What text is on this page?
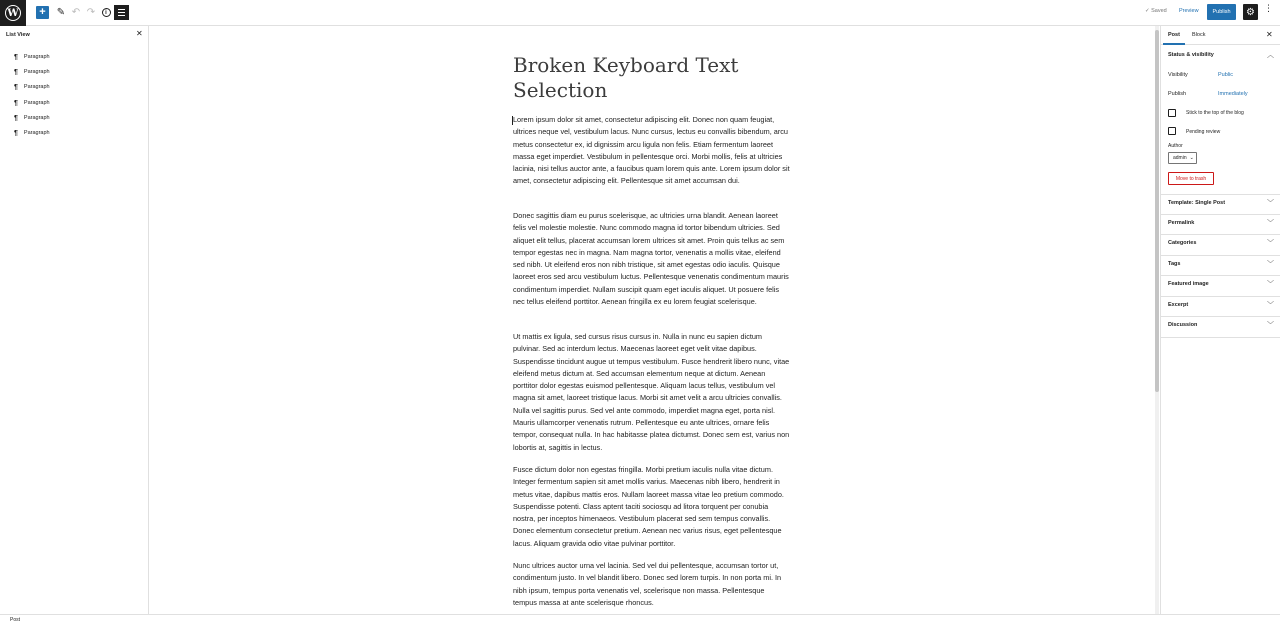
W +	✎ ↶ ↷	i	✓ Saved Preview	Publish	⚙	⋮
List View	✕
¶ Paragraph
¶ Paragraph
¶ Paragraph
¶ Paragraph
¶ Paragraph
¶ Paragraph
Broken Keyboard Text Selection

Lorem ipsum dolor sit amet, consectetur adipiscing elit. Donec non quam feugiat, ultrices neque vel, vestibulum lacus. Nunc cursus, lectus eu convallis bibendum, arcu metus consectetur ex, id dignissim arcu ligula non felis. Etiam fermentum laoreet massa eget imperdiet. Vestibulum in pellentesque orci. Morbi mollis, felis at ultricies lacinia, nisi tellus auctor ante, a faucibus quam lorem quis ante. Lorem ipsum dolor sit amet, consectetur adipiscing elit. Pellentesque sit amet accumsan dui.

Donec sagittis diam eu purus scelerisque, ac ultricies urna blandit. Aenean laoreet felis vel molestie molestie. Nunc commodo magna id tortor bibendum ultricies. Sed aliquet elit tellus, placerat accumsan lorem ultrices sit amet. Proin quis tellus ac sem tempor egestas nec in magna. Nam magna tortor, venenatis a mollis vitae, eleifend sed nibh. Ut eleifend eros non nibh tristique, sit amet egestas odio iaculis. Quisque laoreet eros sed arcu vestibulum luctus. Pellentesque venenatis condimentum mauris condimentum imperdiet. Nullam suscipit quam eget iaculis aliquet. Ut posuere felis nec tellus eleifend porttitor. Aenean fringilla ex eu lorem feugiat scelerisque.

Ut mattis ex ligula, sed cursus risus cursus in. Nulla in nunc eu sapien dictum pulvinar. Sed ac interdum lectus. Maecenas laoreet eget velit vitae dapibus. Suspendisse tincidunt augue ut tempus vestibulum. Fusce hendrerit libero nunc, vitae eleifend metus dictum at. Sed accumsan elementum neque at dictum. Aenean porttitor dolor egestas euismod pellentesque. Aliquam lacus tellus, vestibulum vel magna sit amet, laoreet tristique lacus. Morbi sit amet velit a arcu ultricies convallis. Nulla vel sagittis purus. Sed vel ante commodo, imperdiet magna eget, porta nisl. Mauris ullamcorper venenatis rutrum. Pellentesque eu ante ultrices, ornare felis tempor, consequat nulla. In hac habitasse platea dictumst. Donec sem est, varius non lobortis at, sagittis in lectus.

Fusce dictum dolor non egestas fringilla. Morbi pretium iaculis nulla vitae dictum. Integer fermentum sapien sit amet mollis varius. Maecenas nibh libero, hendrerit in metus vitae, dapibus mattis eros. Nullam laoreet massa vitae leo pretium commodo. Suspendisse potenti. Class aptent taciti sociosqu ad litora torquent per conubia nostra, per inceptos himenaeos. Vestibulum placerat sed sem tempus convallis. Donec elementum consectetur pretium. Aenean nec varius risus, eget pellentesque lacus. Aliquam gravida odio vitae pulvinar porttitor.

Nunc ultrices auctor urna vel lacinia. Sed vel dui pellentesque, accumsan tortor ut, condimentum justo. In vel blandit libero. Donec sed lorem turpis. In non porta mi. In nibh ipsum, tempus porta venenatis vel, scelerisque non massa. Pellentesque tempus massa at ante scelerisque rhoncus.

Post Block	✕
Status & visibility	︿
Visibility	Public
Publish	Immediately
Stick to the top of the blog
Pending review
Author
admin ⌄
Move to trash
Template: Single Post	﹀
Permalink	﹀
Categories	﹀
Tags	﹀
Featured image	﹀
Excerpt	﹀
Discussion	﹀
Post
